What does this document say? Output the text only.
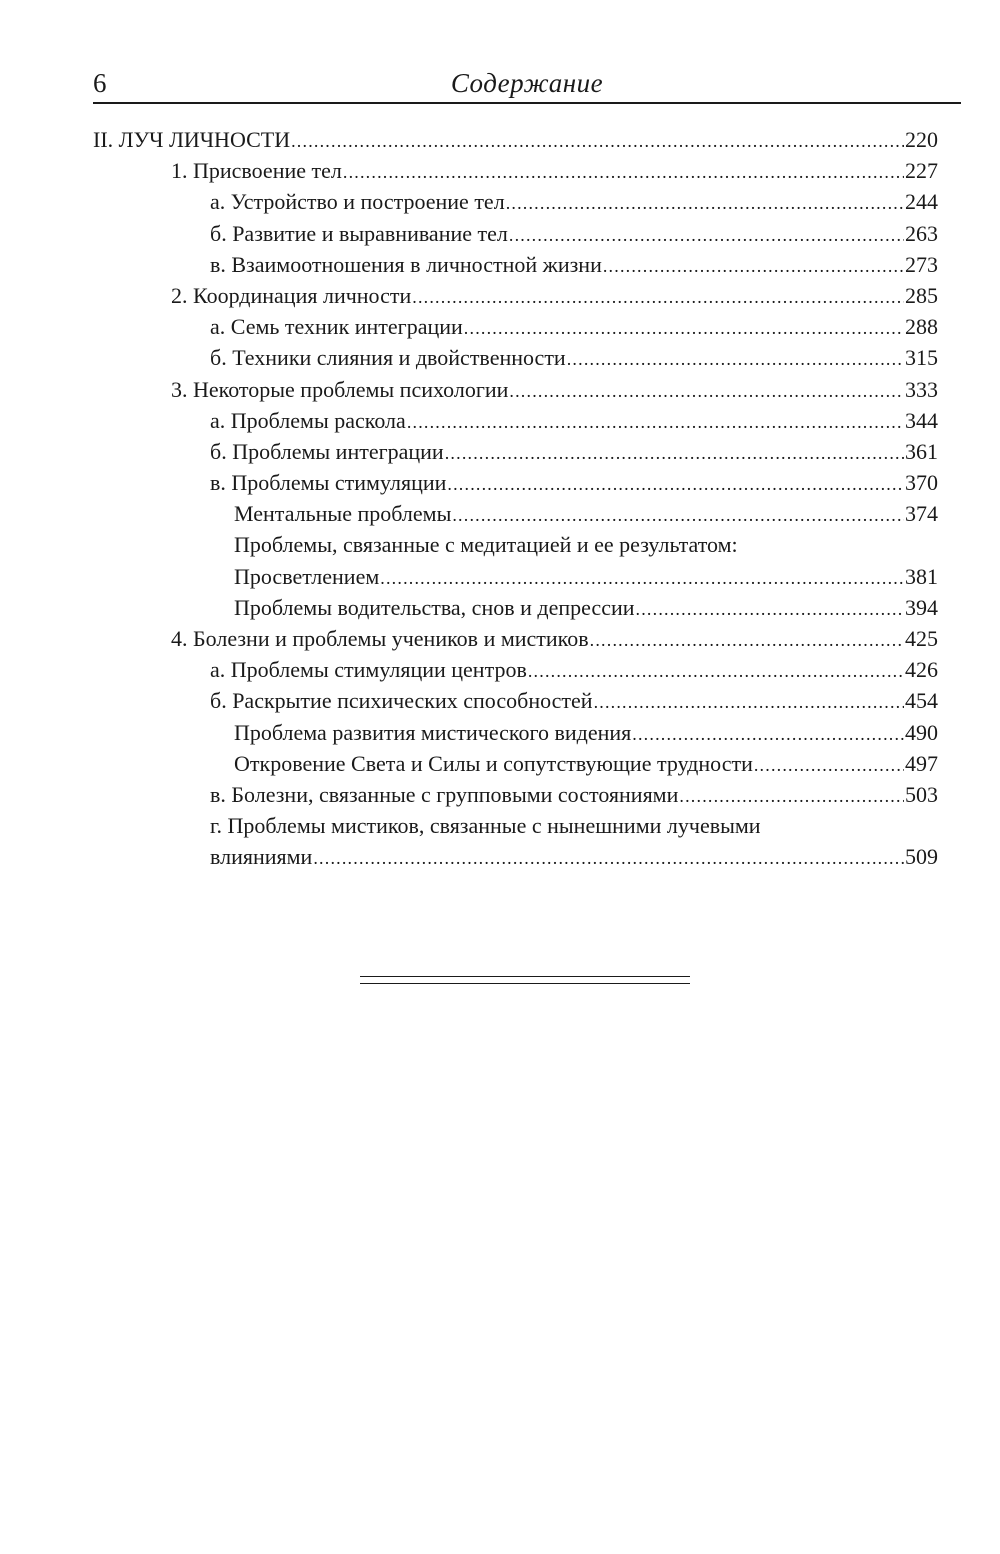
6	Содержание
II. ЛУЧ ЛИЧНОСТИ .....	220
1. Присвоение тел .....	227
а. Устройство и построение тел .....	244
б. Развитие и выравнивание тел .....	263
в. Взаимоотношения в личностной жизни .....	273
2. Координация личности .....	285
а. Семь техник интеграции .....	288
б. Техники слияния и двойственности .....	315
3. Некоторые проблемы психологии .....	333
а. Проблемы раскола .....	344
б. Проблемы интеграции .....	361
в. Проблемы стимуляции .....	370
Ментальные проблемы .....	374
Проблемы, связанные с медитацией и ее результатом:
Просветлением .....	381
Проблемы водительства, снов и депрессии .....	394
4. Болезни и проблемы учеников и мистиков .....	425
а. Проблемы стимуляции центров .....	426
б. Раскрытие психических способностей .....	454
Проблема развития мистического видения .....	490
Откровение Света и Силы и сопутствующие трудности .....	497
в. Болезни, связанные с групповыми состояниями .....	503
г. Проблемы мистиков, связанные с нынешними лучевыми
влияниями .....	509
